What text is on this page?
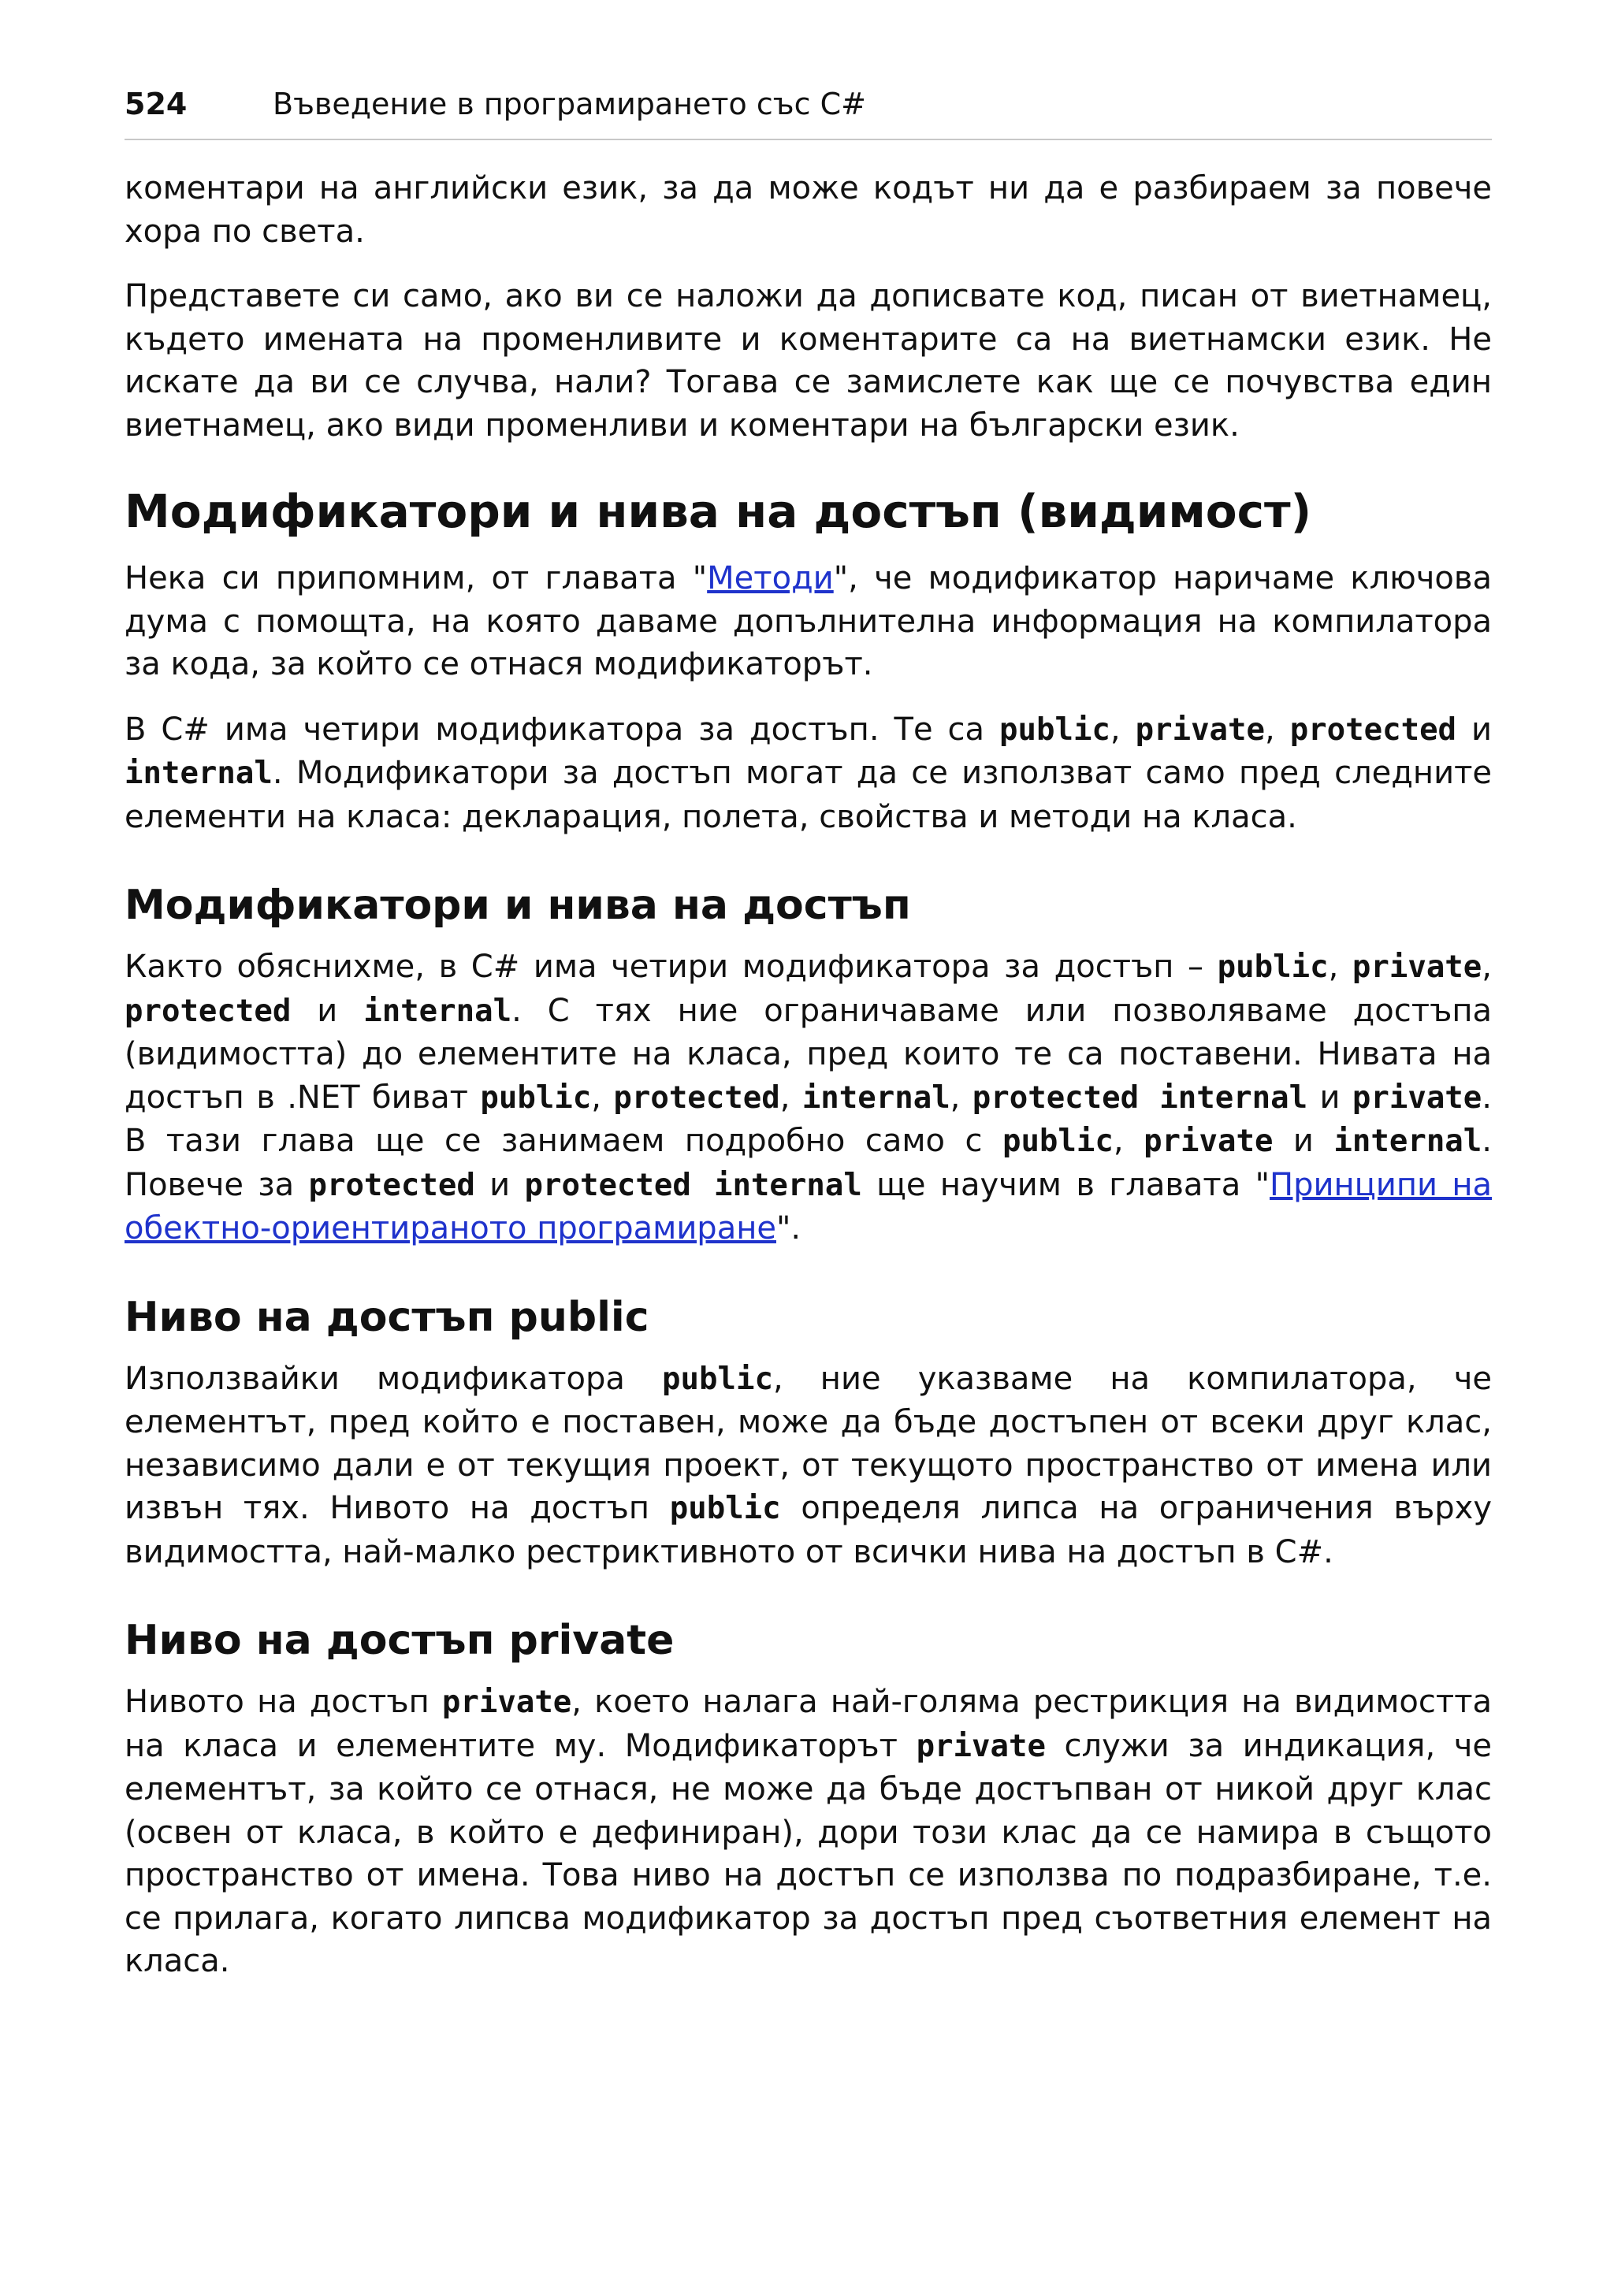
524	Въведение в програмирането със C#

коментари на английски език, за да може кодът ни да е разбираем за повече хора по света.

Представете си само, ако ви се наложи да дописвате код, писан от виетнамец, където имената на променливите и коментарите са на виетнамски език. Не искате да ви се случва, нали? Тогава се замислете как ще се почувства един виетнамец, ако види променливи и коментари на български език.

Модификатори и нива на достъп (видимост)

Нека си припомним, от главата "Методи", че модификатор наричаме ключова дума с помощта, на която даваме допълнителна информация на компилатора за кода, за който се отнася модификаторът.

В C# има четири модификатора за достъп. Те са public, private, protected и internal. Модификатори за достъп могат да се използват само пред следните елементи на класа: декларация, полета, свойства и методи на класа.

Модификатори и нива на достъп

Както обяснихме, в C# има четири модификатора за достъп – public, private, protected и internal. С тях ние ограничаваме или позволяваме достъпа (видимостта) до елементите на класа, пред които те са поставени. Нивата на достъп в .NET биват public, protected, internal, protected internal и private. В тази глава ще се занимаем подробно само с public, private и internal. Повече за protected и protected internal ще научим в главата "Принципи на обектно-ориентираното програмиране".

Ниво на достъп public

Използвайки модификатора public, ние указваме на компилатора, че елементът, пред който е поставен, може да бъде достъпен от всеки друг клас, независимо дали е от текущия проект, от текущото пространство от имена или извън тях. Нивото на достъп public определя липса на ограничения върху видимостта, най-малко рестриктивното от всички нива на достъп в C#.

Ниво на достъп private

Нивото на достъп private, което налага най-голяма рестрикция на видимостта на класа и елементите му. Модификаторът private служи за индикация, че елементът, за който се отнася, не може да бъде достъпван от никой друг клас (освен от класа, в който е дефиниран), дори този клас да се намира в същото пространство от имена. Това ниво на достъп се използва по подразбиране, т.е. се прилага, когато липсва модификатор за достъп пред съответния елемент на класа.
